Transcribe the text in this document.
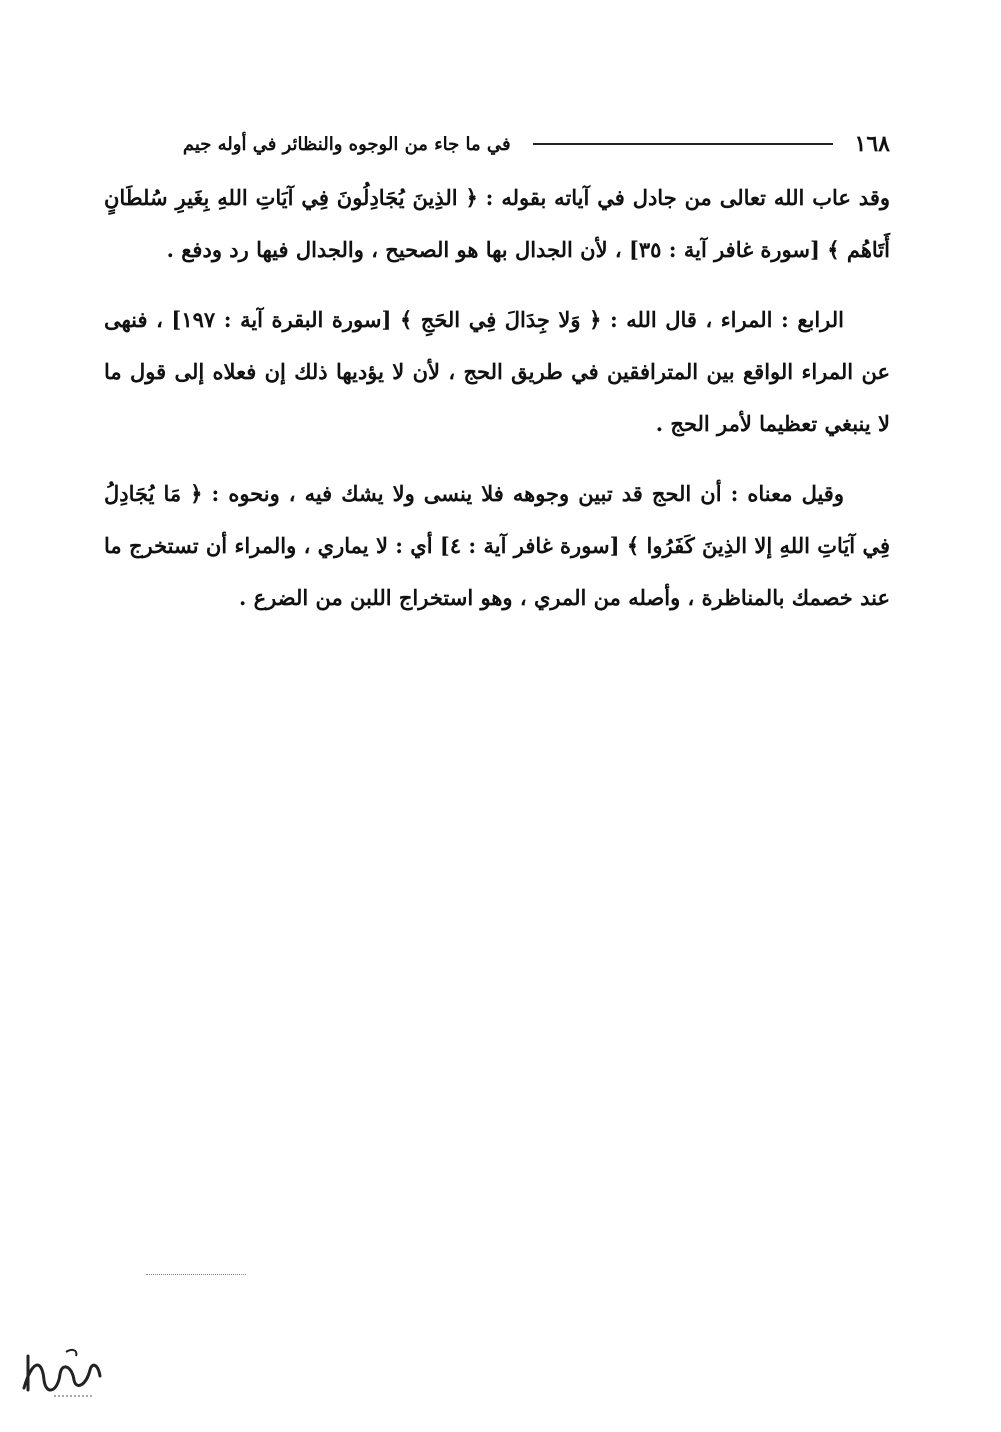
١٦٨
في ما جاء من الوجوه والنظائر في أوله جيم

وقد عاب الله تعالى من جادل في آياته بقوله : ﴿ الذِينَ يُجَادِلُونَ فِي آيَاتِ اللهِ بِغَيرِ سُلطَانٍ أَتَاهُم ﴾ [سورة غافر آية : ٣٥] ، لأن الجدال بها هو الصحيح ، والجدال فيها رد ودفع .

الرابع : المراء ، قال الله : ﴿ وَلا جِدَالَ فِي الحَجِ ﴾ [سورة البقرة آية : ١٩٧] ، فنهى عن المراء الواقع بين المترافقين في طريق الحج ، لأن لا يؤديها ذلك إن فعلاه إلى قول ما لا ينبغي تعظيما لأمر الحج .

وقيل معناه : أن الحج قد تبين وجوهه فلا ينسى ولا يشك فيه ، ونحوه : ﴿ مَا يُجَادِلُ فِي آيَاتِ اللهِ إلا الذِينَ كَفَرُوا ﴾ [سورة غافر آية : ٤] أي : لا يماري ، والمراء أن تستخرج ما عند خصمك بالمناظرة ، وأصله من المري ، وهو استخراج اللبن من الضرع .
